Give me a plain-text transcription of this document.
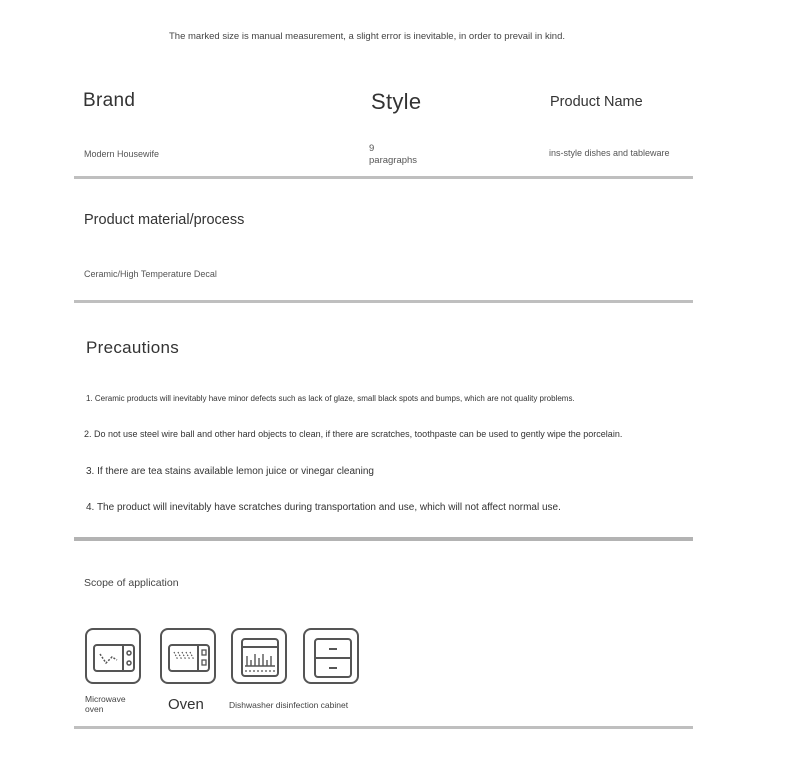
The marked size is manual measurement, a slight error is inevitable, in order to prevail in kind.
Brand
Modern Housewife
Style
9 paragraphs
Product Name
ins-style dishes and tableware
Product material/process
Ceramic/High Temperature Decal
Precautions
1. Ceramic products will inevitably have minor defects such as lack of glaze, small black spots and bumps, which are not quality problems.
2. Do not use steel wire ball and other hard objects to clean, if there are scratches, toothpaste can be used to gently wipe the porcelain.
3. If there are tea stains available lemon juice or vinegar cleaning
4. The product will inevitably have scratches during transportation and use, which will not affect normal use.
Scope of application
Microwave oven	Oven	Dishwasher disinfection cabinet
